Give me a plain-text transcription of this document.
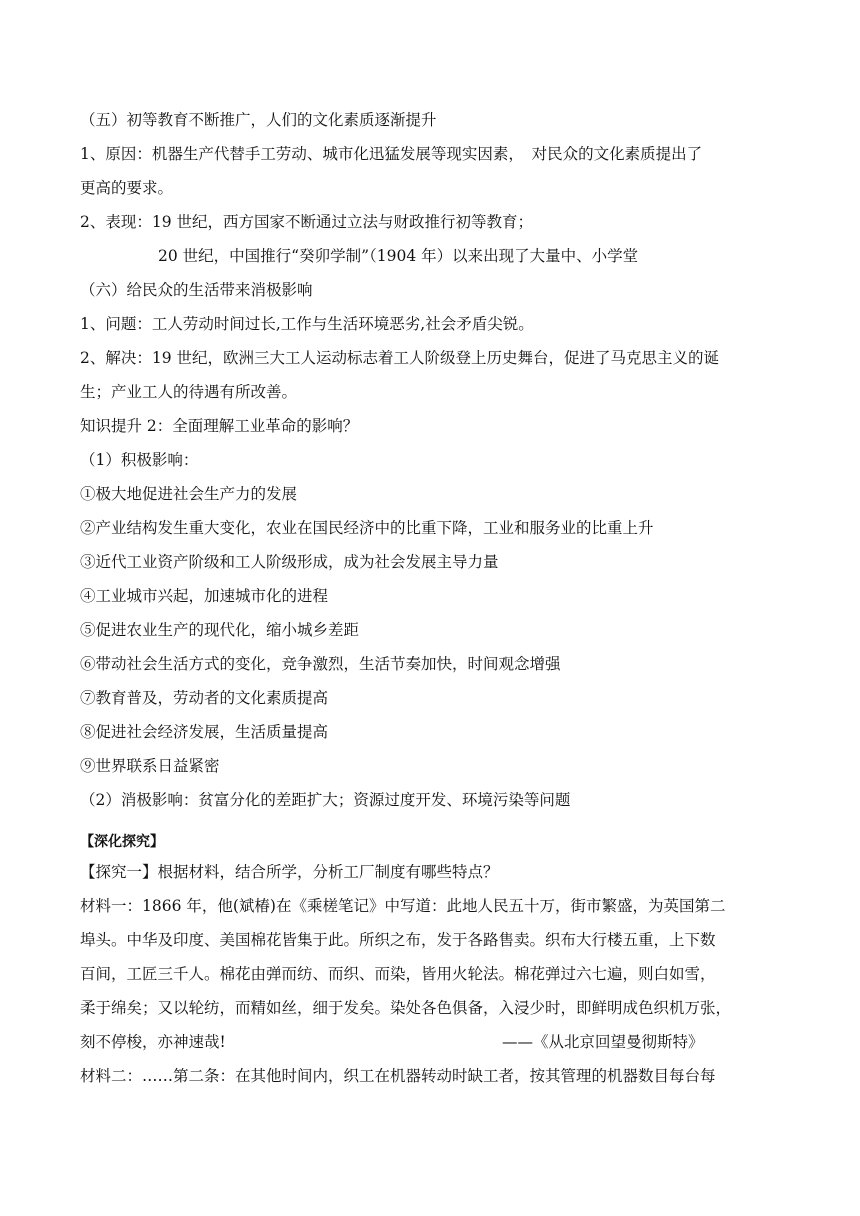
（五）初等教育不断推广，人们的文化素质逐渐提升
1、原因：机器生产代替手工劳动、城市化迅猛发展等现实因素，　对民众的文化素质提出了
更高的要求。
2、表现：19 世纪，西方国家不断通过立法与财政推行初等教育；
20 世纪，中国推行“癸卯学制”（1904 年）以来出现了大量中、小学堂
（六）给民众的生活带来消极影响
1、问题：工人劳动时间过长,工作与生活环境恶劣,社会矛盾尖锐。
2、解决：19 世纪，欧洲三大工人运动标志着工人阶级登上历史舞台，促进了马克思主义的诞
生；产业工人的待遇有所改善。
知识提升 2：全面理解工业革命的影响？
（1）积极影响：
①极大地促进社会生产力的发展
②产业结构发生重大变化，农业在国民经济中的比重下降，工业和服务业的比重上升
③近代工业资产阶级和工人阶级形成，成为社会发展主导力量
④工业城市兴起，加速城市化的进程
⑤促进农业生产的现代化，缩小城乡差距
⑥带动社会生活方式的变化，竞争激烈，生活节奏加快，时间观念增强
⑦教育普及，劳动者的文化素质提高
⑧促进社会经济发展，生活质量提高
⑨世界联系日益紧密
（2）消极影响：贫富分化的差距扩大；资源过度开发、环境污染等问题
【深化探究】
【探究一】根据材料，结合所学，分析工厂制度有哪些特点？
材料一：1866 年，他(斌椿)在《乘槎笔记》中写道：此地人民五十万，街市繁盛，为英国第二
埠头。中华及印度、美国棉花皆集于此。所织之布，发于各路售卖。织布大行楼五重，上下数
百间，工匠三千人。棉花由弹而纺、而织、而染，皆用火轮法。棉花弹过六七遍，则白如雪，
柔于绵矣；又以轮纺，而精如丝，细于发矣。染处各色俱备，入浸少时，即鲜明成色织机万张，
刻不停梭，亦神速哉!	——《从北京回望曼彻斯特》
材料二：……第二条：在其他时间内，织工在机器转动时缺工者，按其管理的机器数目每台每
